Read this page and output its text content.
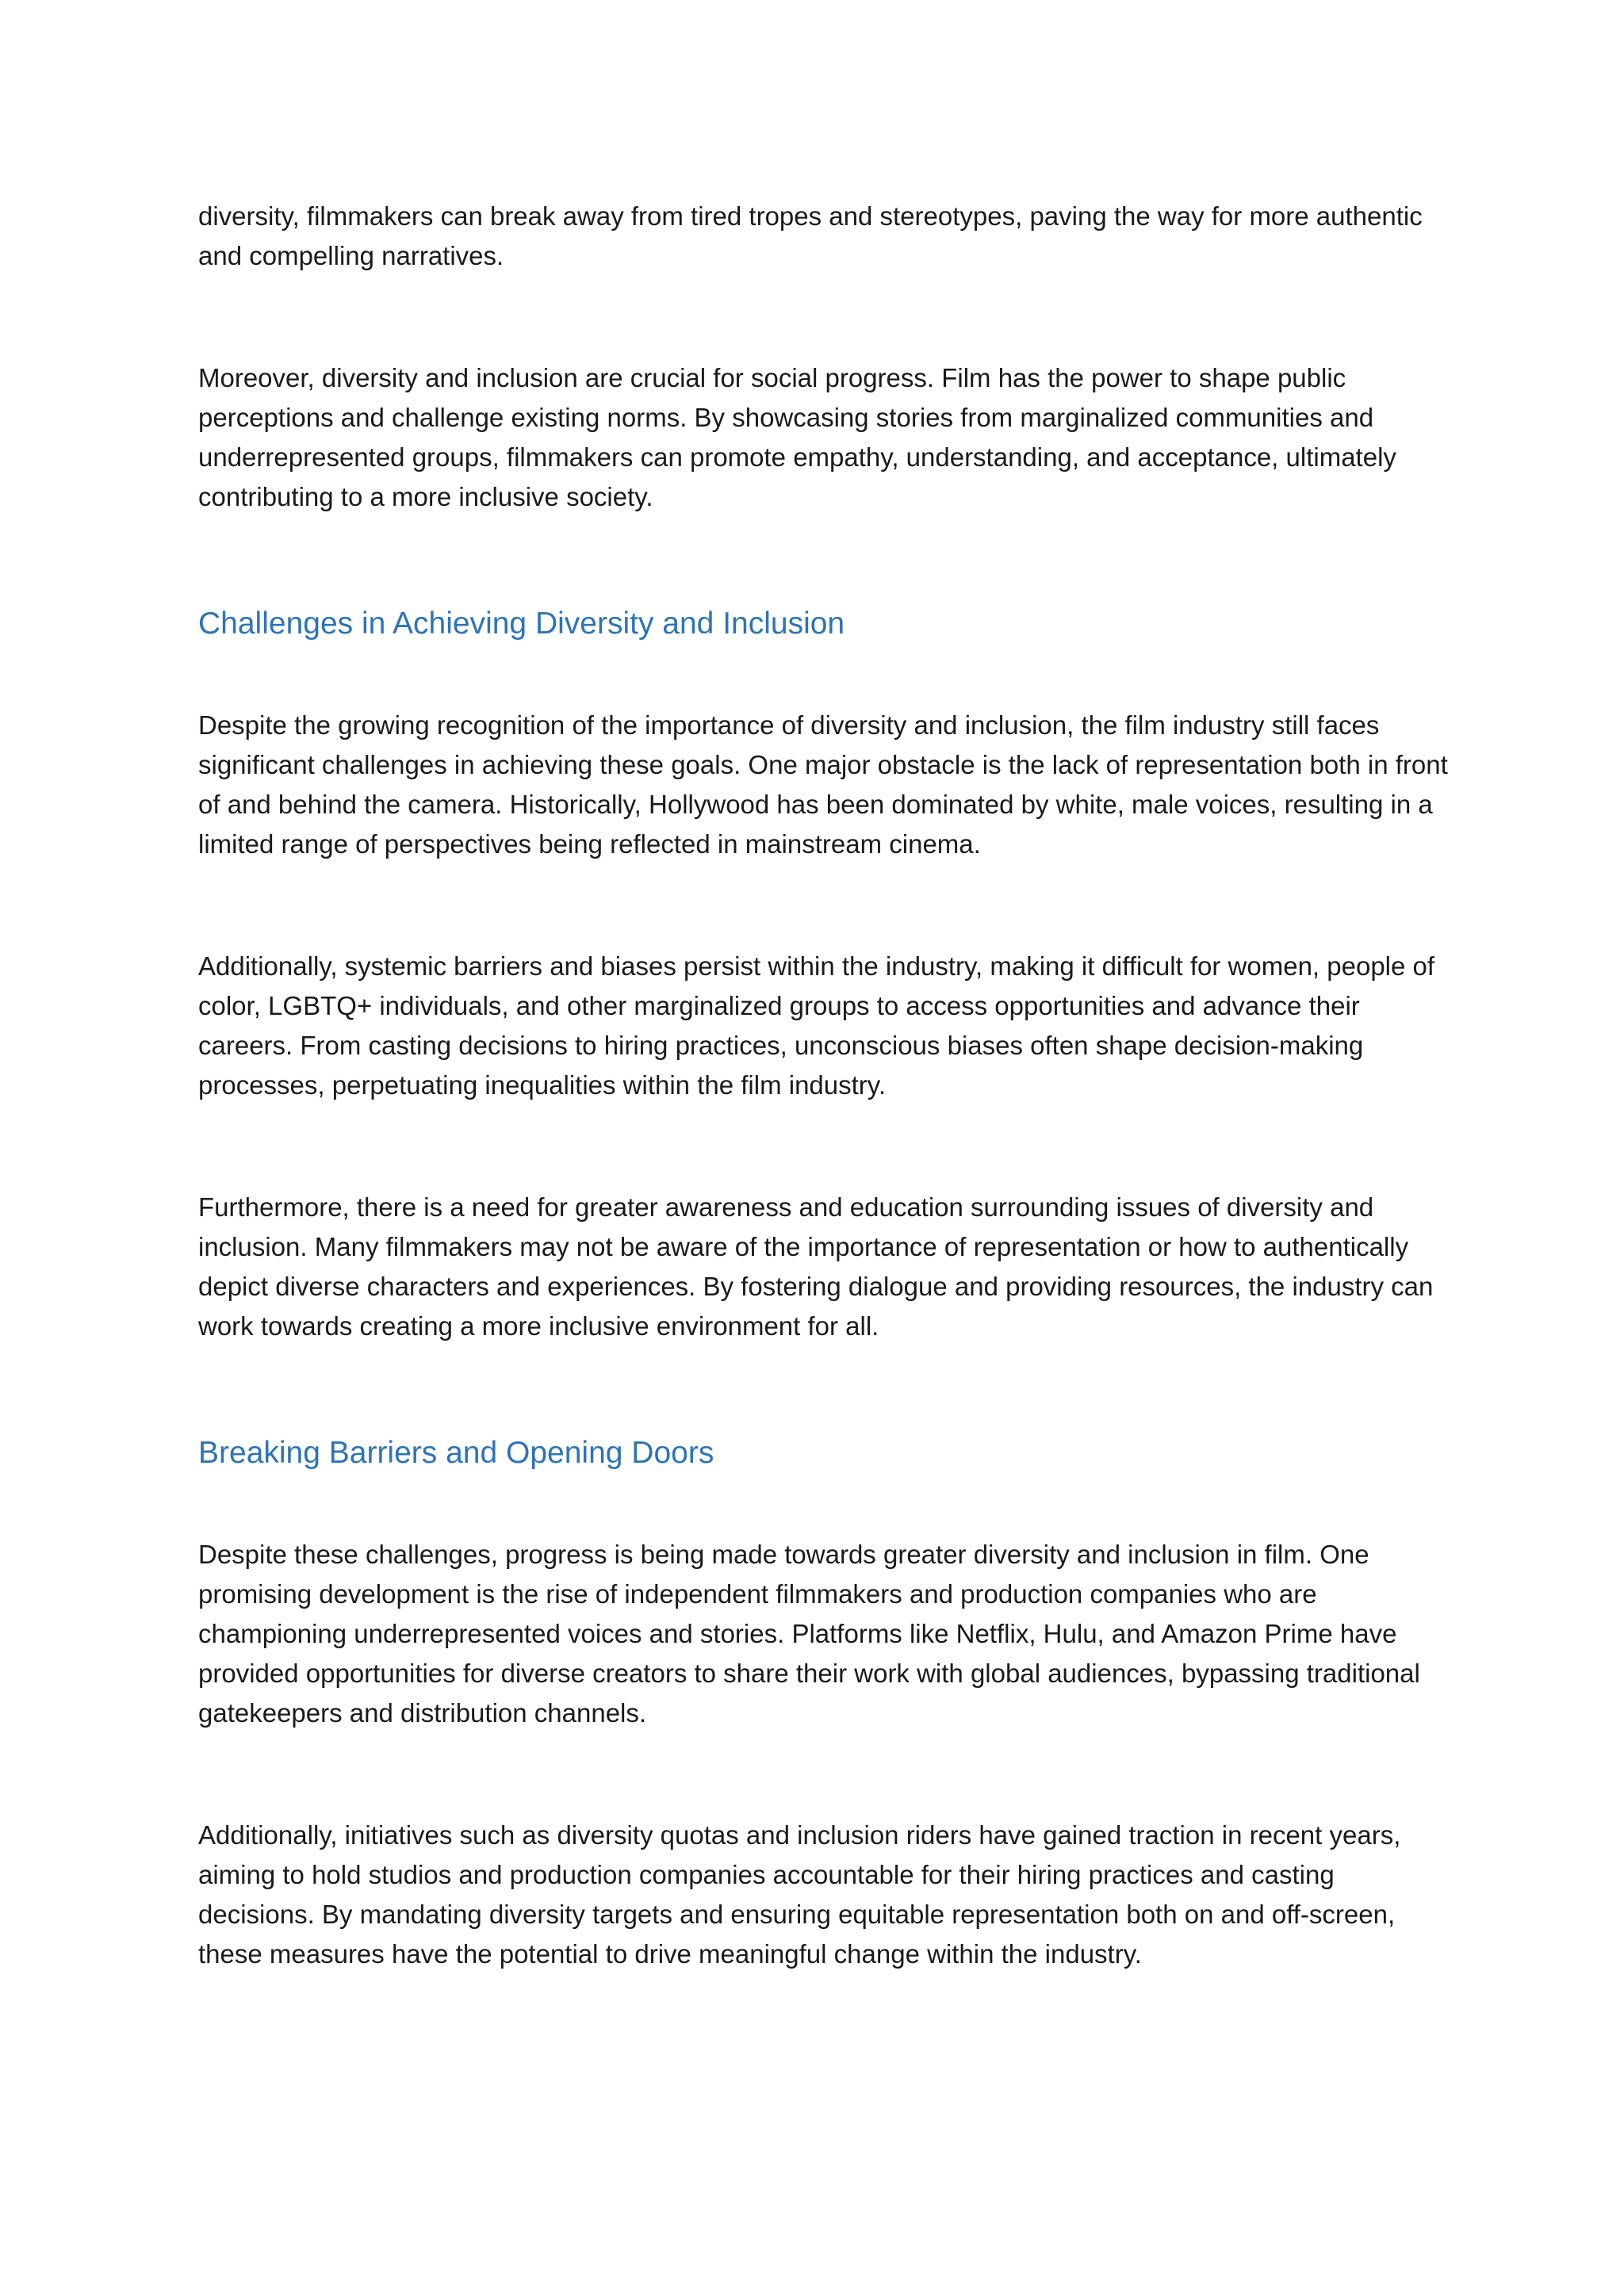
diversity, filmmakers can break away from tired tropes and stereotypes, paving the way for more authentic and compelling narratives.

Moreover, diversity and inclusion are crucial for social progress. Film has the power to shape public perceptions and challenge existing norms. By showcasing stories from marginalized communities and underrepresented groups, filmmakers can promote empathy, understanding, and acceptance, ultimately contributing to a more inclusive society.

Challenges in Achieving Diversity and Inclusion

Despite the growing recognition of the importance of diversity and inclusion, the film industry still faces significant challenges in achieving these goals. One major obstacle is the lack of representation both in front of and behind the camera. Historically, Hollywood has been dominated by white, male voices, resulting in a limited range of perspectives being reflected in mainstream cinema.

Additionally, systemic barriers and biases persist within the industry, making it difficult for women, people of color, LGBTQ+ individuals, and other marginalized groups to access opportunities and advance their careers. From casting decisions to hiring practices, unconscious biases often shape decision-making processes, perpetuating inequalities within the film industry.

Furthermore, there is a need for greater awareness and education surrounding issues of diversity and inclusion. Many filmmakers may not be aware of the importance of representation or how to authentically depict diverse characters and experiences. By fostering dialogue and providing resources, the industry can work towards creating a more inclusive environment for all.

Breaking Barriers and Opening Doors

Despite these challenges, progress is being made towards greater diversity and inclusion in film. One promising development is the rise of independent filmmakers and production companies who are championing underrepresented voices and stories. Platforms like Netflix, Hulu, and Amazon Prime have provided opportunities for diverse creators to share their work with global audiences, bypassing traditional gatekeepers and distribution channels.

Additionally, initiatives such as diversity quotas and inclusion riders have gained traction in recent years, aiming to hold studios and production companies accountable for their hiring practices and casting decisions. By mandating diversity targets and ensuring equitable representation both on and off-screen, these measures have the potential to drive meaningful change within the industry.
